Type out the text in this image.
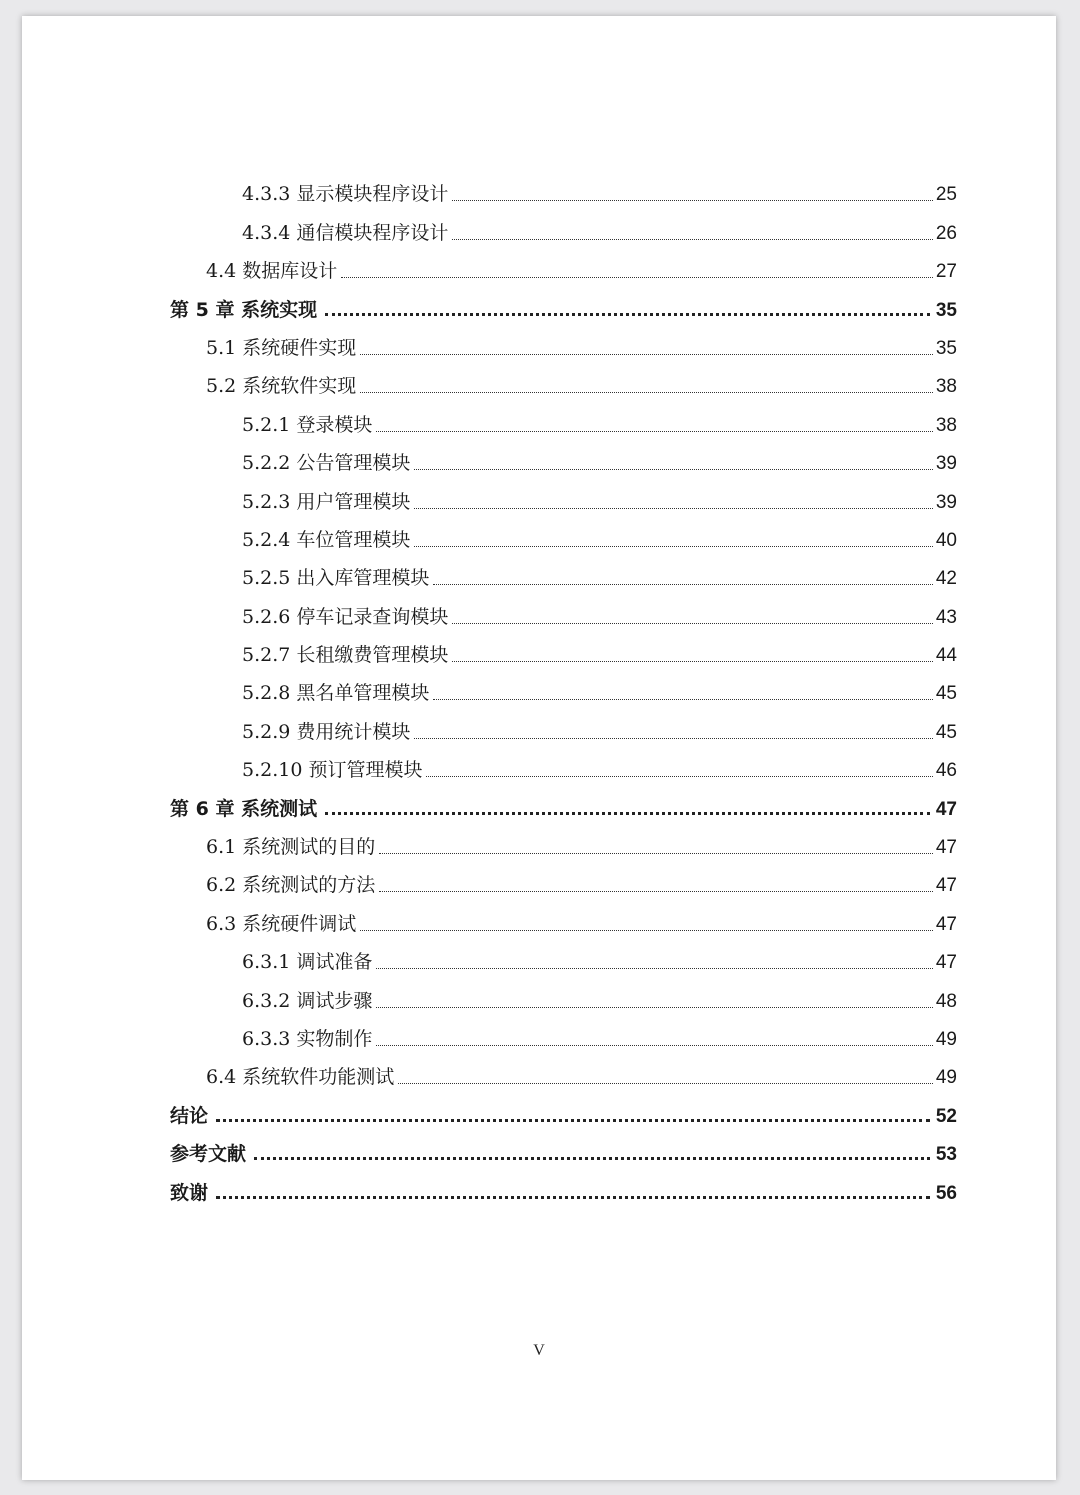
4.3.3 显示模块程序设计	25
4.3.4 通信模块程序设计	26
4.4 数据库设计	27
第 5 章 系统实现	35
5.1 系统硬件实现	35
5.2 系统软件实现	38
5.2.1 登录模块	38
5.2.2 公告管理模块	39
5.2.3 用户管理模块	39
5.2.4 车位管理模块	40
5.2.5 出入库管理模块	42
5.2.6 停车记录查询模块	43
5.2.7 长租缴费管理模块	44
5.2.8 黑名单管理模块	45
5.2.9 费用统计模块	45
5.2.10 预订管理模块	46
第 6 章 系统测试	47
6.1 系统测试的目的	47
6.2 系统测试的方法	47
6.3 系统硬件调试	47
6.3.1 调试准备	47
6.3.2 调试步骤	48
6.3.3 实物制作	49
6.4 系统软件功能测试	49
结论	52
参考文献	53
致谢	56
V
